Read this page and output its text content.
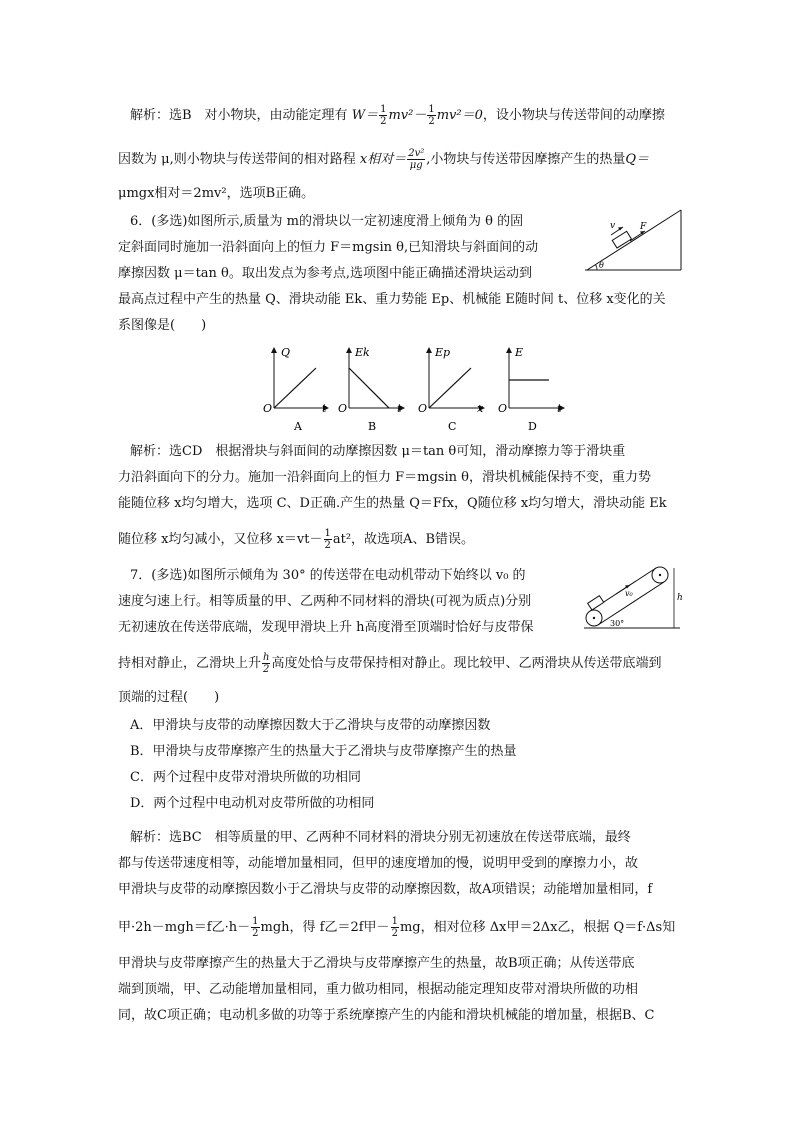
解析：选B　对小物块，由动能定理有 $W= \frac{1}{2} mv^2- \frac{1}{2} mv^2=0$，设小物块与传送带间的动摩擦
因数为 μ,则小物块与传送带间的相对路程 x相对＝ $\frac{\text{2v²}}{\mu g}$ ,小物块与传送带因摩擦产生的热量Q＝
μmgx相对＝2mv²，选项B正确。
6．(多选)如图所示,质量为 m的滑块以一定初速度滑上倾角为 θ 的固
定斜面同时施加一沿斜面向上的恒力 F＝mgsin θ,已知滑块与斜面间的动
摩擦因数 μ＝tan θ。取出发点为参考点,选项图中能正确描述滑块运动到
最高点过程中产生的热量 Q、滑块动能 Ek、重力势能 Ep、机械能 E随时间 t、位移 x变化的关
系图像是(　　)
v	F
θ
Q
O	t
A
Ek
O	t
B
Ep
O	x
C
E
O	t
D
解析：选CD　根据滑块与斜面间的动摩擦因数 μ＝tan θ可知，滑动摩擦力等于滑块重
力沿斜面向下的分力。施加一沿斜面向上的恒力 F＝mgsin θ，滑块机械能保持不变，重力势
能随位移 x均匀增大，选项 C、D正确.产生的热量 Q＝Ffx，Q随位移 x均匀增大，滑块动能 Ek
随位移 x均匀减小，又位移 $x=vt- \frac{1}{2} at^2$，故选项A、B错误。
7．(多选)如图所示倾角为 30° 的传送带在电动机带动下始终以 v₀ 的
速度匀速上行。相等质量的甲、乙两种不同材料的滑块(可视为质点)分别
无初速放在传送带底端，发现甲滑块上升 h高度滑至顶端时恰好与皮带保
持相对静止，乙滑块上升 $\frac{h}{2}$ 高度处恰与皮带保持相对静止。现比较甲、乙两滑块从传送带底端到
顶端的过程(　　)
A．甲滑块与皮带的动摩擦因数大于乙滑块与皮带的动摩擦因数
B．甲滑块与皮带摩擦产生的热量大于乙滑块与皮带摩擦产生的热量
C．两个过程中皮带对滑块所做的功相同
D．两个过程中电动机对皮带所做的功相同
v₀	h
30°
解析：选BC　相等质量的甲、乙两种不同材料的滑块分别无初速放在传送带底端，最终
都与传送带速度相等，动能增加量相同，但甲的速度增加的慢，说明甲受到的摩擦力小，故
甲滑块与皮带的动摩擦因数小于乙滑块与皮带的动摩擦因数，故A项错误；动能增加量相同，f
甲·2h－mgh＝f乙$\cdot h- \frac{1}{2}$ mgh，得 f乙＝2f甲－ $\frac{1}{2}$ mg，相对位移 Δx甲＝2Δx乙，根据 Q＝f·Δs知
甲滑块与皮带摩擦产生的热量大于乙滑块与皮带摩擦产生的热量，故B项正确；从传送带底
端到顶端，甲、乙动能增加量相同，重力做功相同，根据动能定理知皮带对滑块所做的功相
同，故C项正确；电动机多做的功等于系统摩擦产生的内能和滑块机械能的增加量，根据B、C
